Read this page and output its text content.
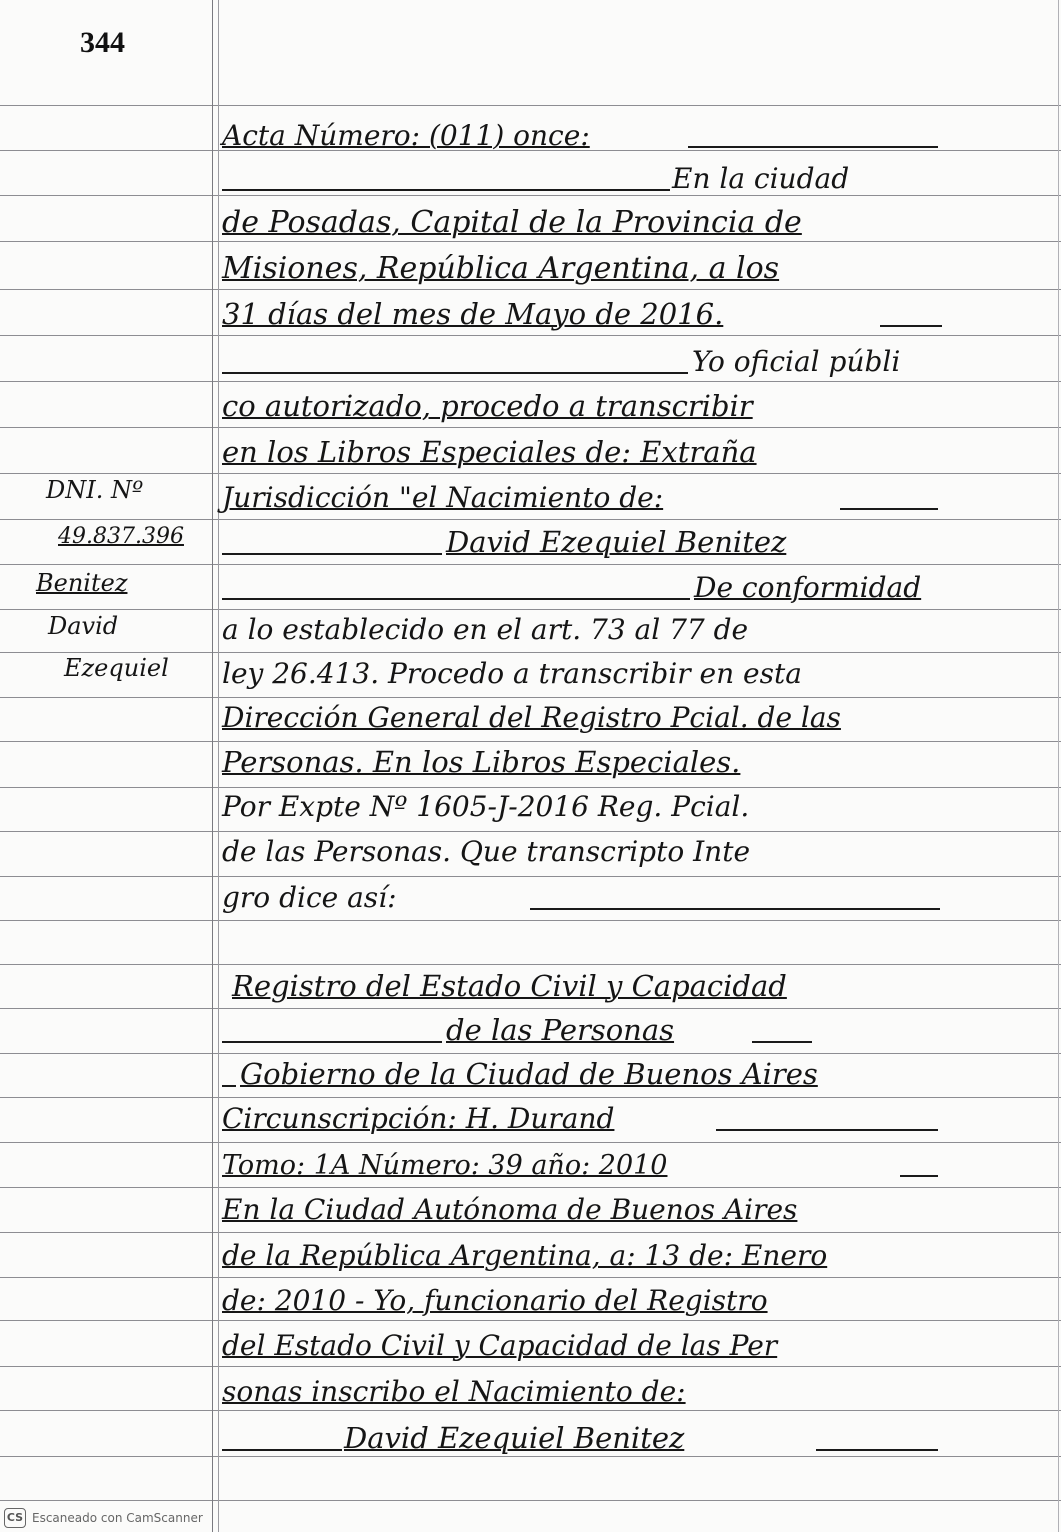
344
DNI. Nº
49.837.396
Benitez
David
Ezequiel
Acta Número: (011) once:
En la ciudad
de Posadas, Capital de la Provincia de
Misiones, República Argentina, a los
31 días del mes de Mayo de 2016.
Yo oficial públi
co autorizado, procedo a transcribir
en los Libros Especiales de: Extraña
Jurisdicción "el Nacimiento de:
David Ezequiel Benitez
De conformidad
a lo establecido en el art. 73 al 77 de
ley 26.413. Procedo a transcribir en esta
Dirección General del Registro Pcial. de las
Personas. En los Libros Especiales.
Por Expte Nº 1605-J-2016 Reg. Pcial.
de las Personas. Que transcripto Inte
gro dice así:
Registro del Estado Civil y Capacidad
de las Personas
Gobierno de la Ciudad de Buenos Aires
Circunscripción: H. Durand
Tomo: 1A Número: 39 año: 2010
En la Ciudad Autónoma de Buenos Aires
de la República Argentina, a: 13 de: Enero
de: 2010 - Yo, funcionario del Registro
del Estado Civil y Capacidad de las Per
sonas inscribo el Nacimiento de:
David Ezequiel Benitez
CS Escaneado con CamScanner
